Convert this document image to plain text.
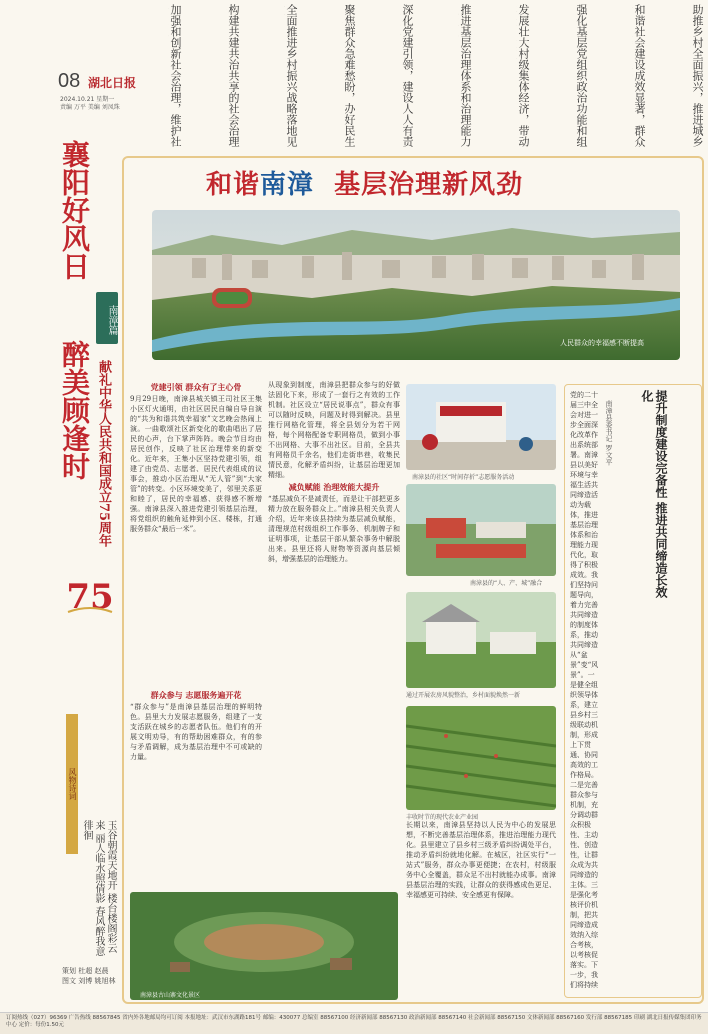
助推乡村全面振兴，推进城乡
和谐社会建设成效显著，群众
强化基层党组织政治功能和组
发展壮大村级集体经济，带动
推进基层治理体系和治理能力
深化党建引领，建设人人有责
聚焦群众急难愁盼，办好民生
全面推进乡村振兴战略落地见
构建共建共治共享的社会治理
加强和创新社会治理，维护社
08 湖北日报
2024.10.21 星期一
责编 万平 美编 刘凤珠
襄阳好风日
南漳篇
醉美顾逢时 献礼中华人民共和国成立75周年
75
风物诗词
玉谷朝霞天地开 楼台楼阁彩云来 丽人临水照倩影 春风醉我意徘徊
策划 杜超 赵晨
图文 刘博 姚旭林
和谐南漳 基层治理新风劲
人民群众的幸福感不断提高
党建引领 群众有了主心骨
9月29日晚，南漳县城关镇王司社区王集小区灯火通明，由社区居民自编自导自演的“共为和谐共筑幸福家”文艺晚会热闹上演。一曲歌颂社区新变化的歌曲唱出了居民的心声，台下掌声阵阵。晚会节目均由居民创作，反映了社区治理带来的新变化。近年来，王集小区坚持党建引领，组建了由党员、志愿者、居民代表组成的议事会，推动小区治理从“无人管”到“大家管”的转变。小区环境变美了，邻里关系更和睦了，居民的幸福感、获得感不断增强。南漳县深入推进党建引领基层治理，将党组织的触角延伸到小区、楼栋，打通服务群众“最后一米”。
群众参与 志愿服务遍开花
“群众参与”是南漳县基层治理的鲜明特色。县里大力发展志愿服务，组建了一支支活跃在城乡的志愿者队伍。他们有的开展文明劝导，有的帮助困难群众，有的参与矛盾调解，成为基层治理中不可或缺的力量。
从现象到制度，南漳县把群众参与的好做法固化下来，形成了一套行之有效的工作机制。社区设立“居民说事点”，群众有事可以随时反映，问题及时得到解决。县里推行网格化管理，将全县划分为若干网格，每个网格配备专职网格员，做到小事不出网格、大事不出社区。目前，全县共有网格员千余名，他们走街串巷，收集民情民意，化解矛盾纠纷，让基层治理更加精细。
减负赋能 治理效能大提升
“基层减负不是减责任，而是让干部把更多精力放在服务群众上。”南漳县相关负责人介绍，近年来该县持续为基层减负赋能，清理规范村级组织工作事务、机制牌子和证明事项，让基层干部从繁杂事务中解脱出来。县里还将人财物等资源向基层倾斜，增强基层的治理能力。
长期以来，南漳县坚持以人民为中心的发展思想，不断完善基层治理体系，推进治理能力现代化。县里建立了县乡村三级矛盾纠纷调处平台，推动矛盾纠纷就地化解。在城区，社区实行“一站式”服务，群众办事更便捷；在农村，村级服务中心全覆盖，群众足不出村就能办成事。南漳县基层治理的实践，让群众的获得感成色更足、幸福感更可持续、安全感更有保障。
南漳县的社区“时间存折”志愿服务活动
南漳县的“人、产、城”融合
通过开展农房风貌整治，乡村面貌焕然一新
丰收时节的现代农业产业园
南漳县古山寨文化景区
提升制度建设完备性 推进共同缔造长效化
南漳县委书记 罗文平
党的二十届三中全会对进一步全面深化改革作出系统部署。南漳县以美好环境与幸福生活共同缔造活动为载体，推进基层治理体系和治理能力现代化，取得了积极成效。我们坚持问题导向，着力完善共同缔造的制度体系，推动共同缔造从“盆景”变“风景”。一是健全组织领导体系，建立县乡村三级联动机制，形成上下贯通、协同高效的工作格局。二是完善群众参与机制，充分调动群众积极性、主动性、创造性，让群众成为共同缔造的主体。三是强化考核评价机制，把共同缔造成效纳入综合考核，以考核促落实。下一步，我们将持续
订阅热线（027）96369 广告热线 88567845 省内外各地邮局均可订阅 本报地址：武汉市东湖路181号 邮编：430077 总编室 88567100 经济新闻部 88567130 政治新闻部 88567140 社会新闻部 88567150 文体新闻部 88567160 发行部 88567185 印刷 湖北日报传媒集团印务中心 定价：每份1.50元
